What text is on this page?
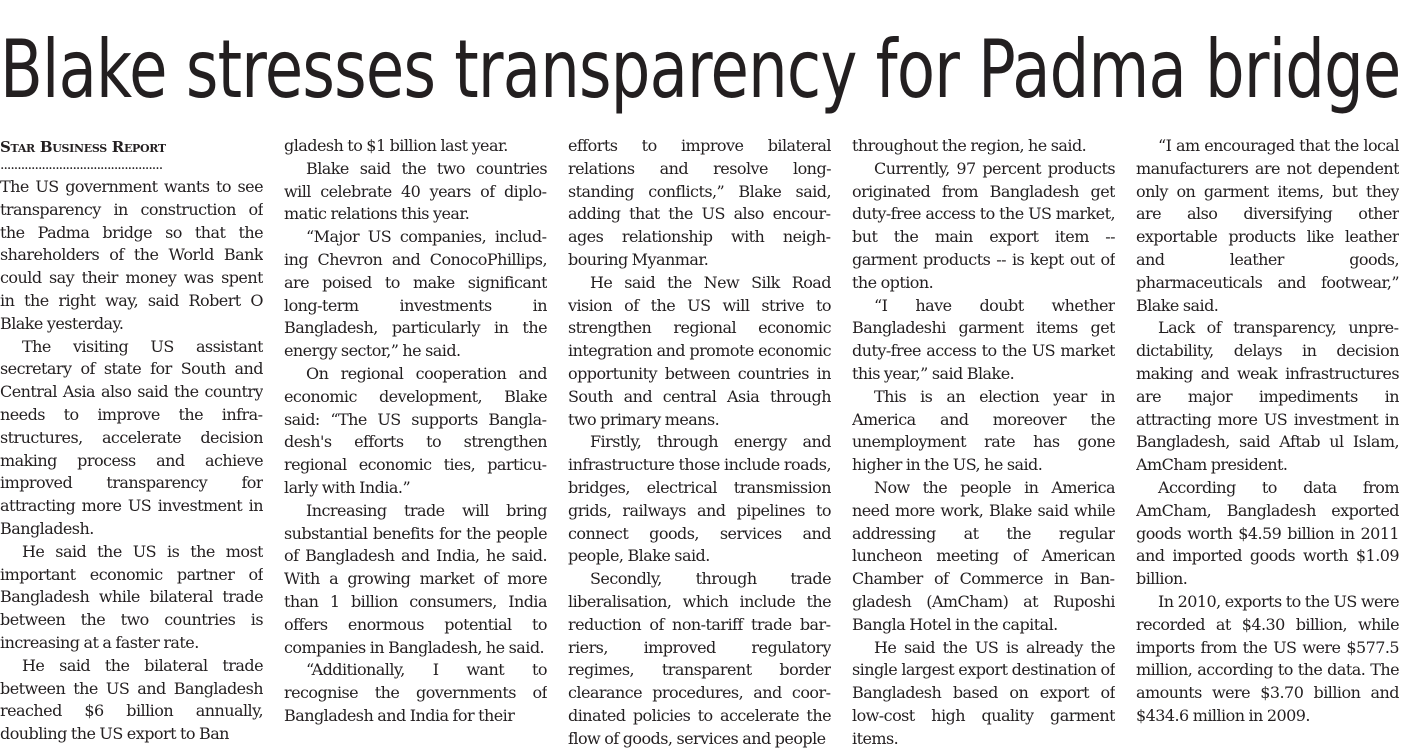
Blake stresses transparency for Padma bridge
Star Business Report
...............................................

The US government wants to see transparency in construction of the Padma bridge so that the shareholders of the World Bank could say their money was spent in the right way, said Robert O Blake yesterday.

The visiting US assistant secretary of state for South and Central Asia also said the country needs to improve the infrastructures, accelerate decision making process and achieve improved transparency for attracting more US investment in Bangladesh.

He said the US is the most important economic partner of Bangladesh while bilateral trade between the two countries is increasing at a faster rate.

He said the bilateral trade between the US and Bangladesh reached $6 billion annually, doubling the US export to Ban

gladesh to $1 billion last year.

Blake said the two countries will celebrate 40 years of diplomatic relations this year.

“Major US companies, including Chevron and ConocoPhillips, are poised to make significant long-term investments in Bangladesh, particularly in the energy sector,” he said.

On regional cooperation and economic development, Blake said: “The US supports Bangladesh's efforts to strengthen regional economic ties, particularly with India.”

Increasing trade will bring substantial benefits for the people of Bangladesh and India, he said. With a growing market of more than 1 billion consumers, India offers enormous potential to companies in Bangladesh, he said.

“Additionally, I want to recognise the governments of Bangladesh and India for their

efforts to improve bilateral relations and resolve long-standing conflicts,” Blake said, adding that the US also encourages relationship with neighbouring Myanmar.

He said the New Silk Road vision of the US will strive to strengthen regional economic integration and promote economic opportunity between countries in South and central Asia through two primary means.

Firstly, through energy and infrastructure those include roads, bridges, electrical transmission grids, railways and pipelines to connect goods, services and people, Blake said.

Secondly, through trade liberalisation, which include the reduction of non-tariff trade barriers, improved regulatory regimes, transparent border clearance procedures, and coordinated policies to accelerate the flow of goods, services and people

throughout the region, he said.

Currently, 97 percent products originated from Bangladesh get duty-free access to the US market, but the main export item -- garment products -- is kept out of the option.

“I have doubt whether Bangladeshi garment items get duty-free access to the US market this year,” said Blake.

This is an election year in America and moreover the unemployment rate has gone higher in the US, he said.

Now the people in America need more work, Blake said while addressing at the regular luncheon meeting of American Chamber of Commerce in Bangladesh (AmCham) at Ruposhi Bangla Hotel in the capital.

He said the US is already the single largest export destination of Bangladesh based on export of low-cost high quality garment items.

“I am encouraged that the local manufacturers are not dependent only on garment items, but they are also diversifying other exportable products like leather and leather goods, pharmaceuticals and footwear,” Blake said.

Lack of transparency, unpredictability, delays in decision making and weak infrastructures are major impediments in attracting more US investment in Bangladesh, said Aftab ul Islam, AmCham president.

According to data from AmCham, Bangladesh exported goods worth $4.59 billion in 2011 and imported goods worth $1.09 billion.

In 2010, exports to the US were recorded at $4.30 billion, while imports from the US were $577.5 million, according to the data. The amounts were $3.70 billion and $434.6 million in 2009.
